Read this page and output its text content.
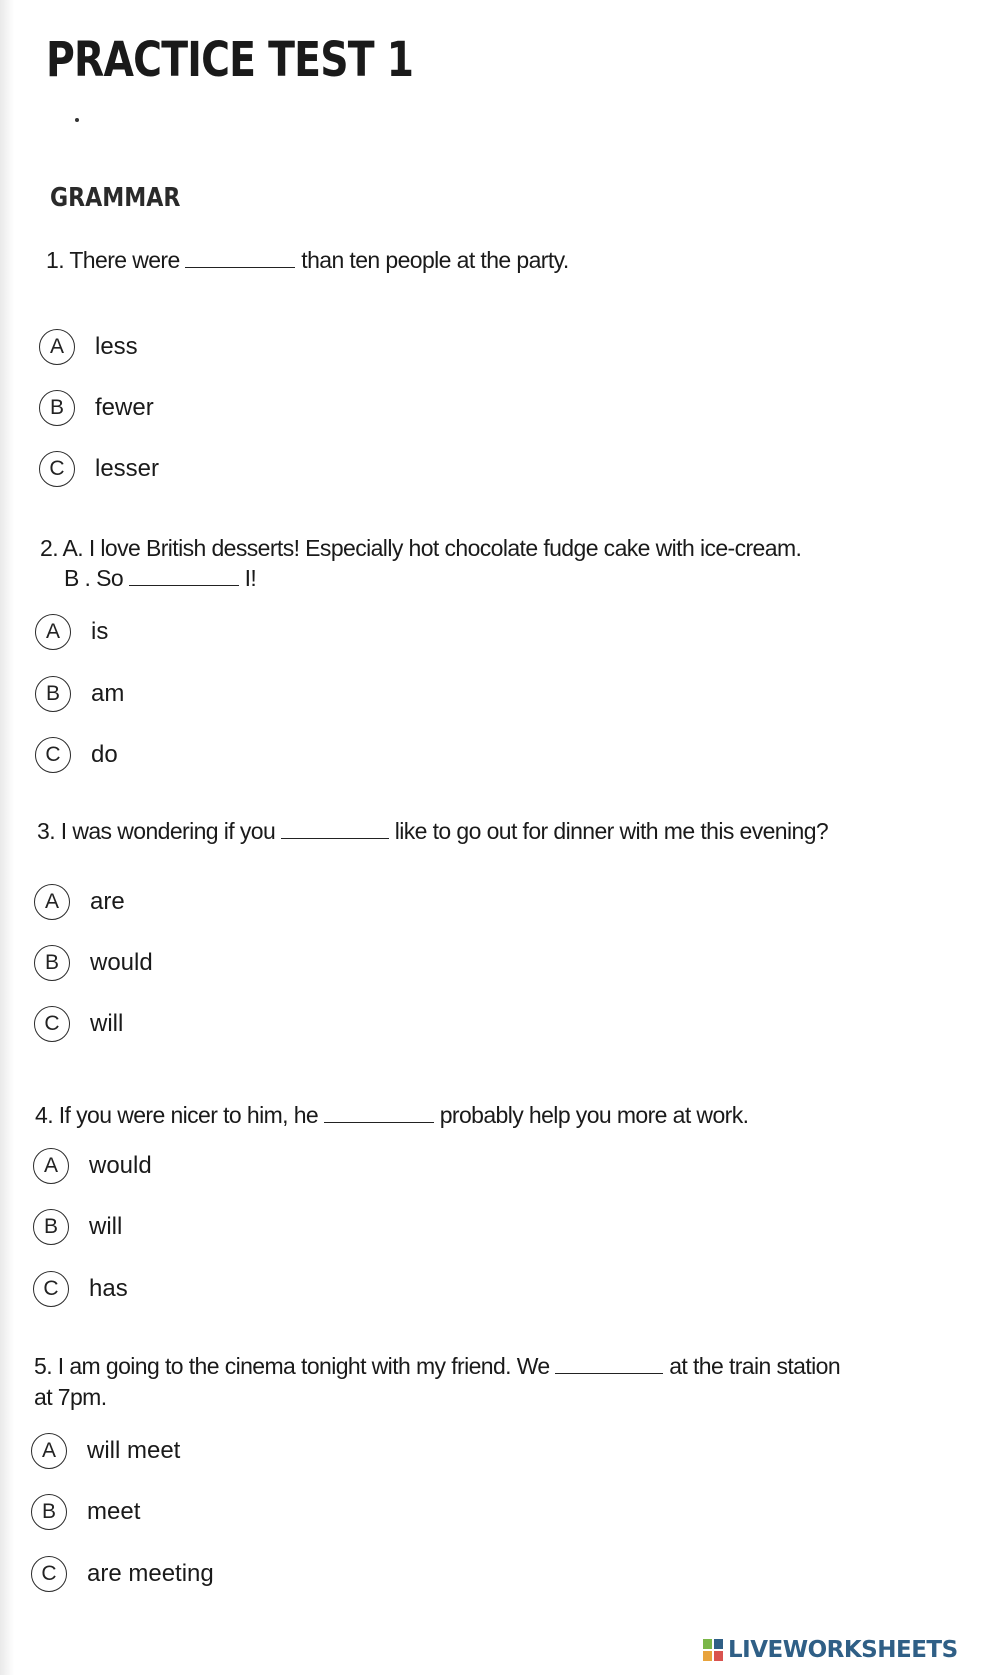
PRACTICE TEST 1
GRAMMAR
1. There were	than ten people at the party.
A	less
B	fewer
C	lesser
2. A. I love British desserts! Especially hot chocolate fudge cake with ice-cream.
B . So	I!
A	is
B	am
C	do
3. I was wondering if you	like to go out for dinner with me this evening?
A	are
B	would
C	will
4. If you were nicer to him, he	probably help you more at work.
A	would
B	will
C	has
5. I am going to the cinema tonight with my friend. We	at the train station
at 7pm.
A	will meet
B	meet
C	are meeting
LIVEWORKSHEETS
